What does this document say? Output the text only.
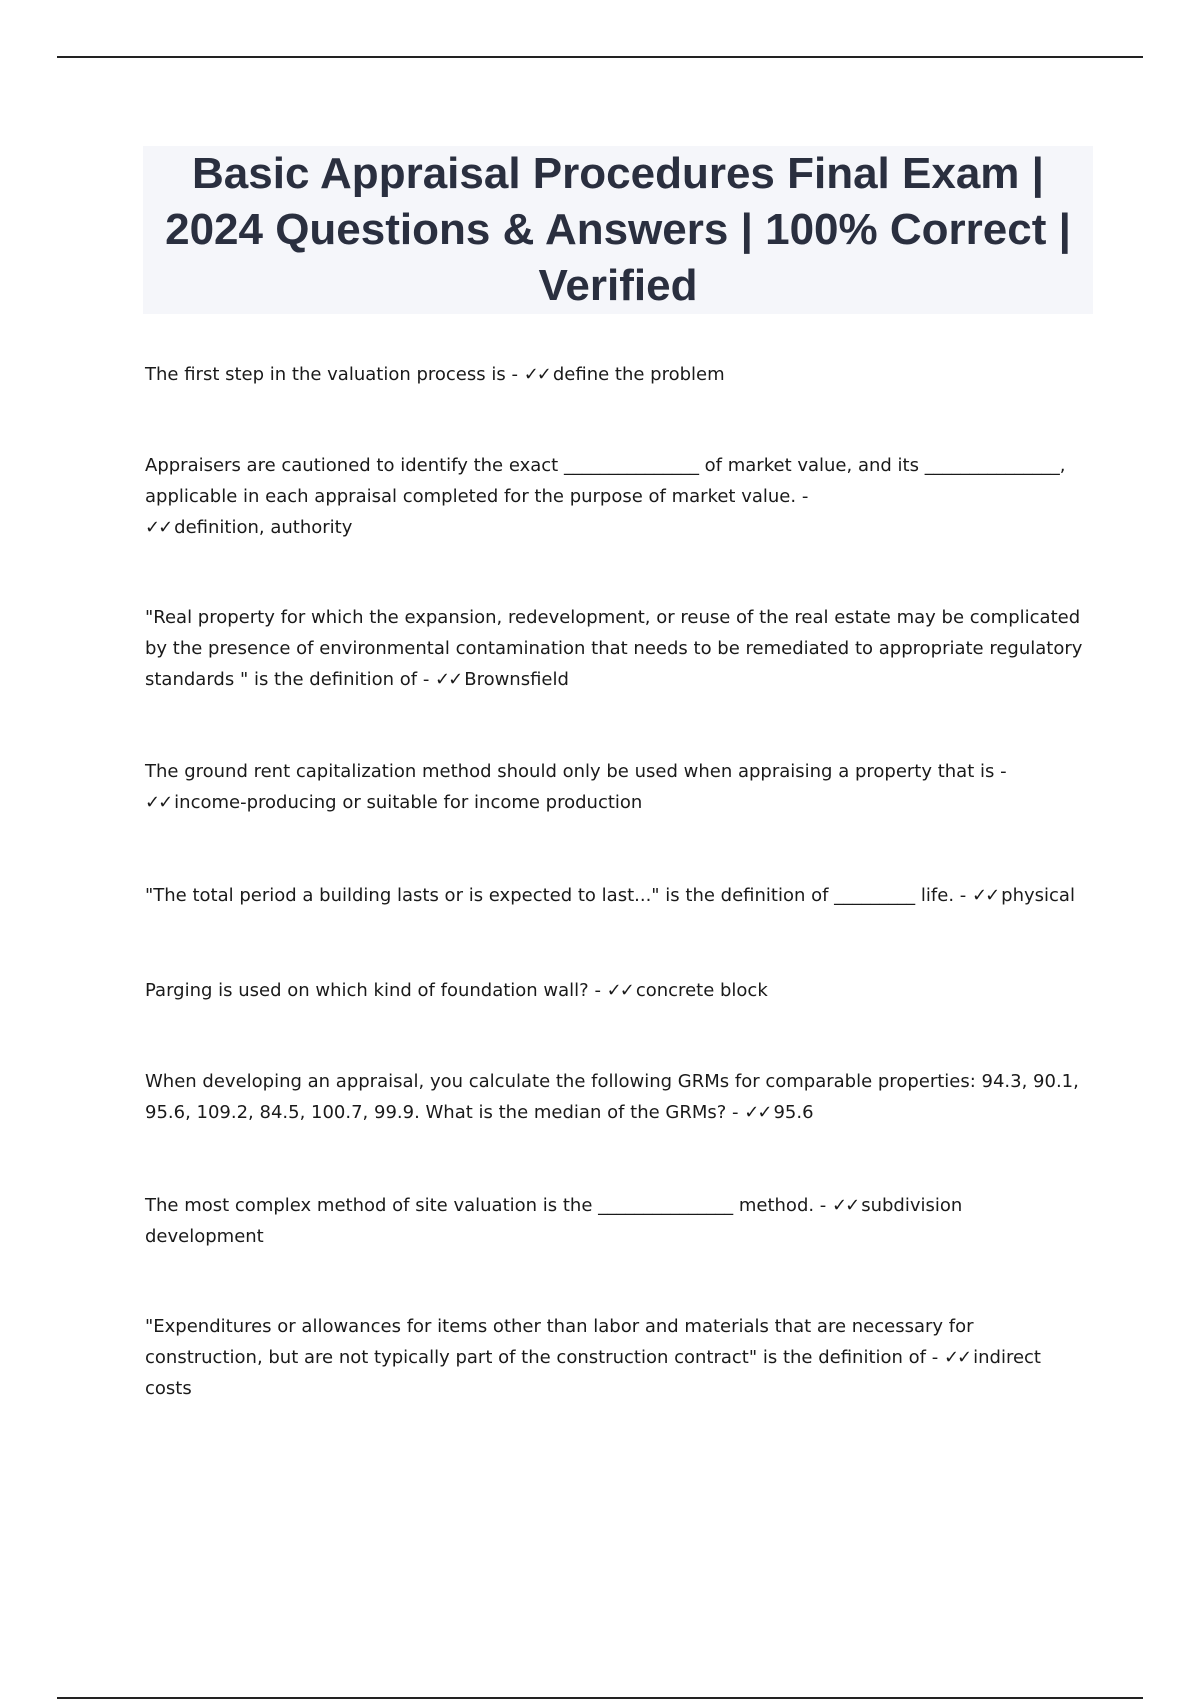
Basic Appraisal Procedures Final Exam | 2024 Questions & Answers | 100% Correct | Verified

The first step in the valuation process is - ✓✓ define the problem

Appraisers are cautioned to identify the exact _______________ of market value, and its _______________, applicable in each appraisal completed for the purpose of market value. -
✓✓ definition, authority

"Real property for which the expansion, redevelopment, or reuse of the real estate may be complicated by the presence of environmental contamination that needs to be remediated to appropriate regulatory standards " is the definition of - ✓✓ Brownsfield

The ground rent capitalization method should only be used when appraising a property that is -
✓✓ income-producing or suitable for income production

"The total period a building lasts or is expected to last..." is the definition of _________ life. - ✓✓ physical

Parging is used on which kind of foundation wall? - ✓✓ concrete block

When developing an appraisal, you calculate the following GRMs for comparable properties: 94.3, 90.1, 95.6, 109.2, 84.5, 100.7, 99.9. What is the median of the GRMs? - ✓✓ 95.6

The most complex method of site valuation is the _______________ method. - ✓✓ subdivision development

"Expenditures or allowances for items other than labor and materials that are necessary for construction, but are not typically part of the construction contract" is the definition of - ✓✓ indirect costs
